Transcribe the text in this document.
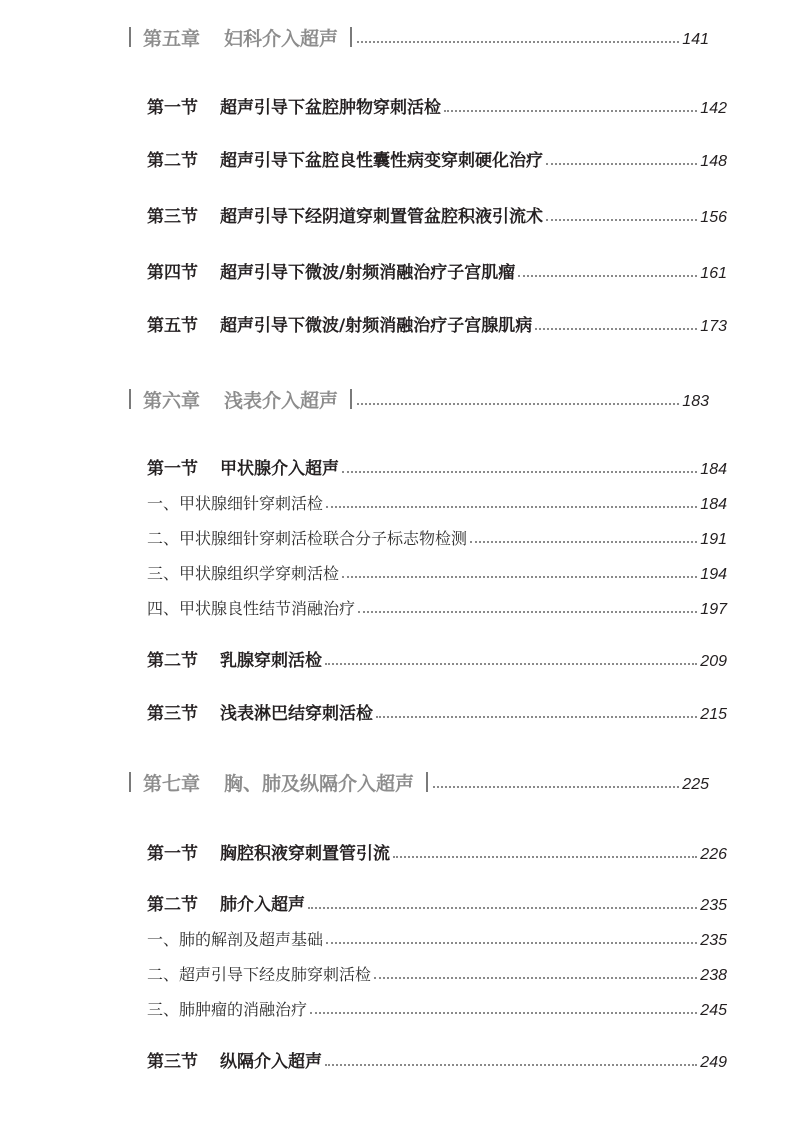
第五章 妇科介入超声	141
第一节 超声引导下盆腔肿物穿刺活检	142
第二节 超声引导下盆腔良性囊性病变穿刺硬化治疗	148
第三节 超声引导下经阴道穿刺置管盆腔积液引流术	156
第四节 超声引导下微波/射频消融治疗子宫肌瘤	161
第五节 超声引导下微波/射频消融治疗子宫腺肌病	173
第六章 浅表介入超声	183
第一节 甲状腺介入超声	184
一、甲状腺细针穿刺活检	184
二、甲状腺细针穿刺活检联合分子标志物检测	191
三、甲状腺组织学穿刺活检	194
四、甲状腺良性结节消融治疗	197
第二节 乳腺穿刺活检	209
第三节 浅表淋巴结穿刺活检	215
第七章 胸、肺及纵隔介入超声	225
第一节 胸腔积液穿刺置管引流	226
第二节 肺介入超声	235
一、肺的解剖及超声基础	235
二、超声引导下经皮肺穿刺活检	238
三、肺肿瘤的消融治疗	245
第三节 纵隔介入超声	249
